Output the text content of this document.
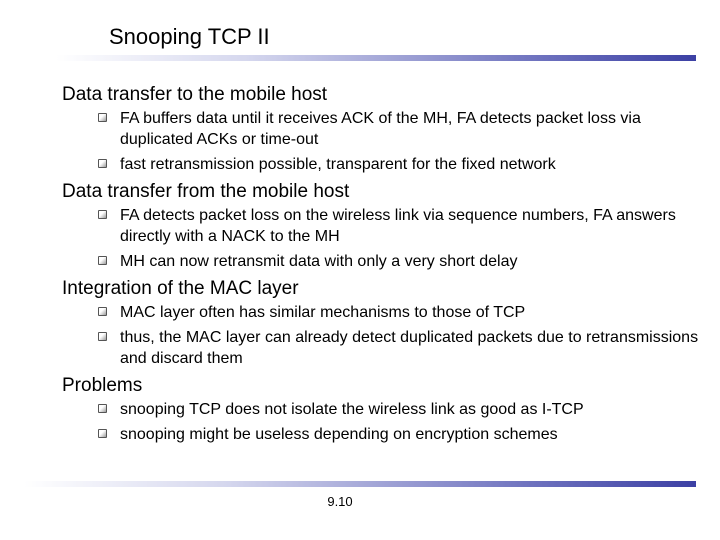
Snooping TCP II

Data transfer to the mobile host

FA buffers data until it receives ACK of the MH, FA detects packet loss via duplicated ACKs or time-out
fast retransmission possible, transparent for the fixed network

Data transfer from the mobile host

FA detects packet loss on the wireless link via sequence numbers, FA answers directly with a NACK to the MH
MH can now retransmit data with only a very short delay

Integration of the MAC layer

MAC layer often has similar mechanisms to those of TCP
thus, the MAC layer can already detect duplicated packets due to retransmissions and discard them

Problems

snooping TCP does not isolate the wireless link as good as I-TCP
snooping might be useless depending on encryption schemes
9.10
